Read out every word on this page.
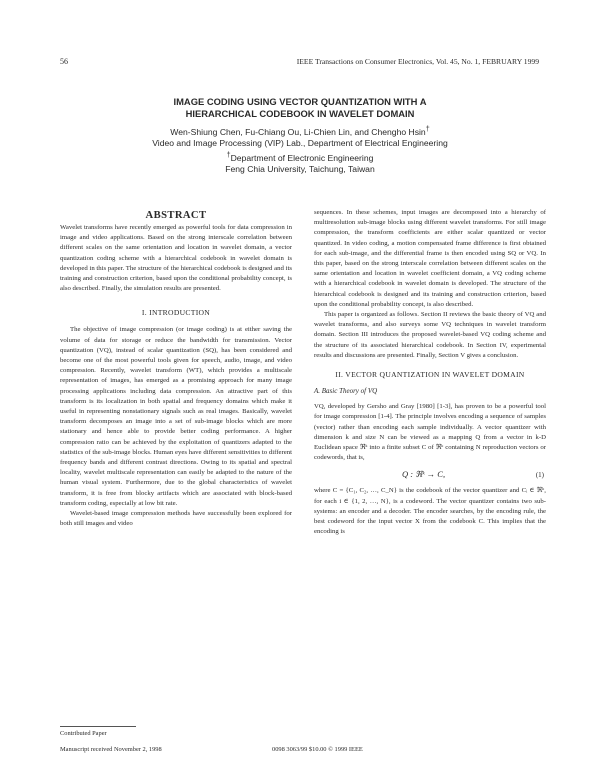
56	IEEE Transactions on Consumer Electronics, Vol. 45, No. 1, FEBRUARY 1999
IMAGE CODING USING VECTOR QUANTIZATION WITH A
HIERARCHICAL CODEBOOK IN WAVELET DOMAIN
Wen-Shiung Chen, Fu-Chiang Ou, Li-Chien Lin, and Chengho Hsin†
Video and Image Processing (VIP) Lab., Department of Electrical Engineering
†Department of Electronic Engineering
Feng Chia University, Taichung, Taiwan
ABSTRACT

Wavelet transforms have recently emerged as powerful tools for data compression in image and video applications. Based on the strong interscale correlation between different scales on the same orientation and location in wavelet domain, a vector quantization coding scheme with a hierarchical codebook in wavelet domain is developed in this paper. The structure of the hierarchical codebook is designed and its training and construction criterion, based upon the conditional probability concept, is also described. Finally, the simulation results are presented.

I. INTRODUCTION

The objective of image compression (or image coding) is at either saving the volume of data for storage or reduce the bandwidth for transmission. Vector quantization (VQ), instead of scalar quantization (SQ), has been considered and become one of the most powerful tools given for speech, audio, image, and video compression. Recently, wavelet transform (WT), which provides a multiscale representation of images, has emerged as a promising approach for many image processing applications including data compression. An attractive part of this transform is its localization in both spatial and frequency domains which make it useful in representing nonstationary signals such as real images. Basically, wavelet transform decomposes an image into a set of sub-image blocks which are more stationary and hence able to provide better coding performance. A higher compression ratio can be achieved by the exploitation of quantizers adapted to the statistics of the sub-image blocks. Human eyes have different sensitivities to different frequency bands and different contrast directions. Owing to its spatial and spectral locality, wavelet multiscale representation can easily be adapted to the nature of the human visual system. Furthermore, due to the global characteristics of wavelet transform, it is free from blocky artifacts which are associated with block-based transform coding, especially at low bit rate.

Wavelet-based image compression methods have successfully been explored for both still images and video

sequences. In these schemes, input images are decomposed into a hierarchy of multiresolution sub-image blocks using different wavelet transforms. For still image compression, the transform coefficients are either scalar quantized or vector quantized. In video coding, a motion compensated frame difference is first obtained for each sub-image, and the differential frame is then encoded using SQ or VQ. In this paper, based on the strong interscale correlation between different scales on the same orientation and location in wavelet coefficient domain, a VQ coding scheme with a hierarchical codebook in wavelet domain is developed. The structure of the hierarchical codebook is designed and its training and construction criterion, based upon the conditional probability concept, is also described.

This paper is organized as follows. Section II reviews the basic theory of VQ and wavelet transforms, and also surveys some VQ techniques in wavelet transform domain. Section III introduces the proposed wavelet-based VQ coding scheme and the structure of its associated hierarchical codebook. In Section IV, experimental results and discussions are presented. Finally, Section V gives a conclusion.

II. VECTOR QUANTIZATION IN WAVELET DOMAIN
A. Basic Theory of VQ

VQ, developed by Gersho and Gray [1980] [1-3], has proven to be a powerful tool for image compression [1-4]. The principle involves encoding a sequence of samples (vector) rather than encoding each sample individually. A vector quantizer with dimension k and size N can be viewed as a mapping Q from a vector in k-D Euclidean space ℜᵏ into a finite subset C of ℜᵏ containing N reproduction vectors or codewords, that is,

Q : ℜᵏ → C,	(1)

where C = {C₁, C₂, …, C_N} is the codebook of the vector quantizer and Cᵢ ∈ ℜᵏ, for each i ∈ {1, 2, …, N}, is a codeword. The vector quantizer contains two sub-systems: an encoder and a decoder. The encoder searches, by the encoding rule, the best codeword for the input vector X from the codebook C. This implies that the encoding is

Contributed Paper
Manuscript received November 2, 1998	0098 3063/99 $10.00 © 1999 IEEE
